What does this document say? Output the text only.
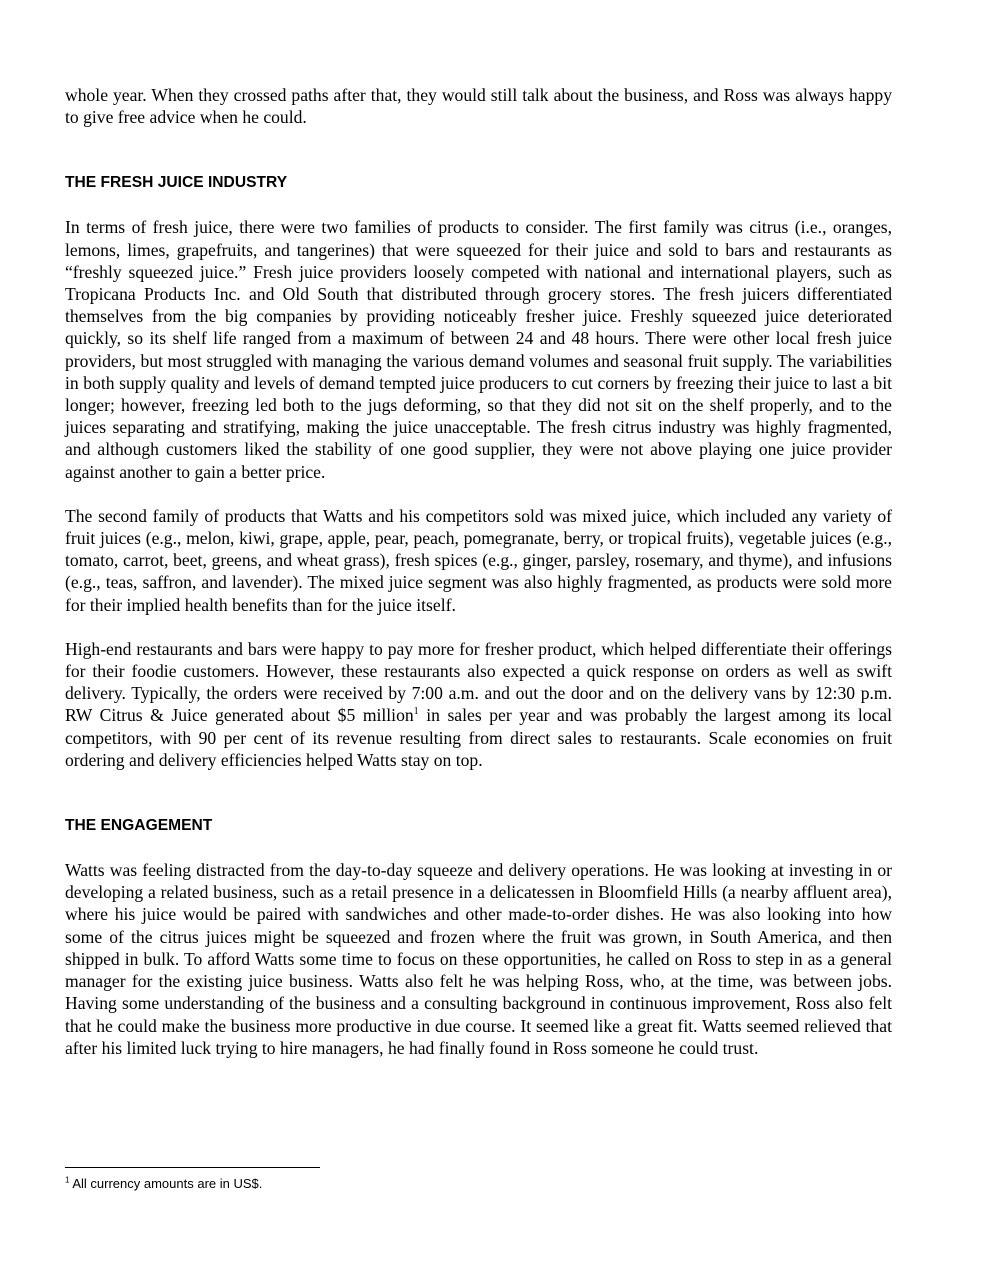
whole year. When they crossed paths after that, they would still talk about the business, and Ross was always happy to give free advice when he could.

THE FRESH JUICE INDUSTRY

In terms of fresh juice, there were two families of products to consider. The first family was citrus (i.e., oranges, lemons, limes, grapefruits, and tangerines) that were squeezed for their juice and sold to bars and restaurants as “freshly squeezed juice.” Fresh juice providers loosely competed with national and international players, such as Tropicana Products Inc. and Old South that distributed through grocery stores. The fresh juicers differentiated themselves from the big companies by providing noticeably fresher juice. Freshly squeezed juice deteriorated quickly, so its shelf life ranged from a maximum of between 24 and 48 hours. There were other local fresh juice providers, but most struggled with managing the various demand volumes and seasonal fruit supply. The variabilities in both supply quality and levels of demand tempted juice producers to cut corners by freezing their juice to last a bit longer; however, freezing led both to the jugs deforming, so that they did not sit on the shelf properly, and to the juices separating and stratifying, making the juice unacceptable. The fresh citrus industry was highly fragmented, and although customers liked the stability of one good supplier, they were not above playing one juice provider against another to gain a better price.

The second family of products that Watts and his competitors sold was mixed juice, which included any variety of fruit juices (e.g., melon, kiwi, grape, apple, pear, peach, pomegranate, berry, or tropical fruits), vegetable juices (e.g., tomato, carrot, beet, greens, and wheat grass), fresh spices (e.g., ginger, parsley, rosemary, and thyme), and infusions (e.g., teas, saffron, and lavender). The mixed juice segment was also highly fragmented, as products were sold more for their implied health benefits than for the juice itself.

High-end restaurants and bars were happy to pay more for fresher product, which helped differentiate their offerings for their foodie customers. However, these restaurants also expected a quick response on orders as well as swift delivery. Typically, the orders were received by 7:00 a.m. and out the door and on the delivery vans by 12:30 p.m. RW Citrus & Juice generated about $5 million$^1$ in sales per year and was probably the largest among its local competitors, with 90 per cent of its revenue resulting from direct sales to restaurants. Scale economies on fruit ordering and delivery efficiencies helped Watts stay on top.

THE ENGAGEMENT

Watts was feeling distracted from the day-to-day squeeze and delivery operations. He was looking at investing in or developing a related business, such as a retail presence in a delicatessen in Bloomfield Hills (a nearby affluent area), where his juice would be paired with sandwiches and other made-to-order dishes. He was also looking into how some of the citrus juices might be squeezed and frozen where the fruit was grown, in South America, and then shipped in bulk. To afford Watts some time to focus on these opportunities, he called on Ross to step in as a general manager for the existing juice business. Watts also felt he was helping Ross, who, at the time, was between jobs. Having some understanding of the business and a consulting background in continuous improvement, Ross also felt that he could make the business more productive in due course. It seemed like a great fit. Watts seemed relieved that after his limited luck trying to hire managers, he had finally found in Ross someone he could trust.

$^1$ All currency amounts are in US$.
